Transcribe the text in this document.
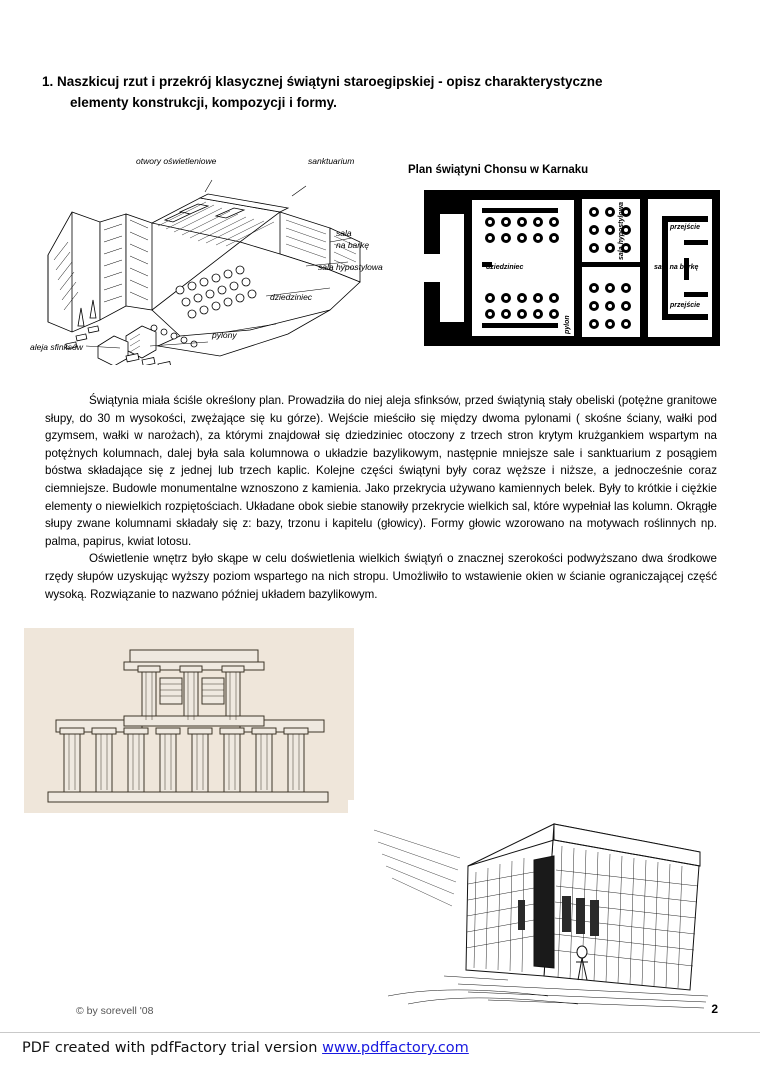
1. Naszkicuj rzut i przekrój klasycznej świątyni staroegipskiej - opisz charakterystyczne
elementy konstrukcji, kompozycji i formy.
otwory oświetleniowe	sanktuarium
sala
na barkę
sala hypostylowa
dziedziniec
pylony
aleja sfinksów
Plan świątyni Chonsu w Karnaku
dziedziniec
sala hypostylowa
sala na barkę
przejście
przejście
sanktuarium
pylon

Świątynia miała ściśle określony plan. Prowadziła do niej aleja sfinksów, przed świątynią stały obeliski (potężne granitowe słupy, do 30 m wysokości, zwężające się ku górze). Wejście mieściło się między dwoma pylonami ( skośne ściany, wałki pod gzymsem, wałki w narożach), za którymi znajdował się dziedziniec otoczony z trzech stron krytym krużgankiem wspartym na potężnych kolumnach, dalej była sala kolumnowa o układzie bazylikowym, następnie mniejsze sale i sanktuarium z posągiem bóstwa składające się z jednej lub trzech kaplic. Kolejne części świątyni były coraz węższe i niższe, a jednocześnie coraz ciemniejsze. Budowle monumentalne wznoszono z kamienia. Jako przekrycia używano kamiennych belek. Były to krótkie i ciężkie elementy o niewielkich rozpiętościach. Układane obok siebie stanowiły przekrycie wielkich sal, które wypełniał las kolumn. Okrągłe słupy zwane kolumnami składały się z: bazy, trzonu i kapitelu (głowicy). Formy głowic wzorowano na motywach roślinnych np. palma, papirus, kwiat lotosu.

Oświetlenie wnętrz było skąpe w celu doświetlenia wielkich świątyń o znacznej szerokości podwyższano dwa środkowe rzędy słupów uzyskując wyższy poziom wspartego na nich stropu. Umożliwiło to wstawienie okien w ścianie ograniczającej część wysoką. Rozwiązanie to nazwano później układem bazylikowym.

© by sorevell '08	2
PDF created with pdfFactory trial version www.pdffactory.com
